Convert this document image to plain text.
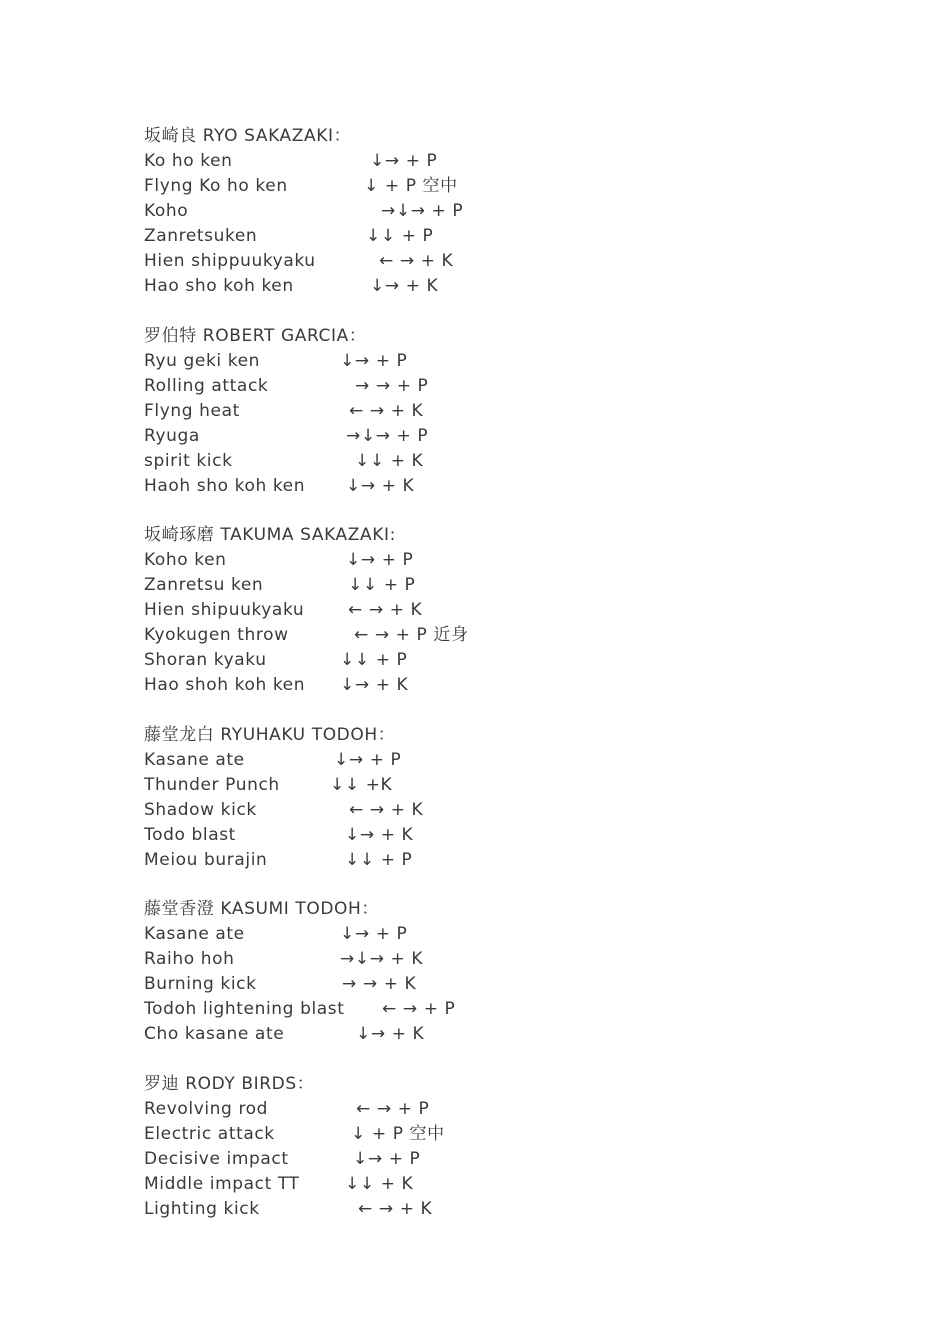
坂崎良 RYO SAKAZAKI：
Ko ho ken	↓→ + P
Flyng Ko ho ken	↓ + P 空中
Koho	→↓→ + P
Zanretsuken	↓↓ + P
Hien shippuukyaku	← → + K
Hao sho koh ken	↓→ + K
罗伯特 ROBERT GARCIA：
Ryu geki ken	↓→ + P
Rolling attack	→ → + P
Flyng heat	← → + K
Ryuga	→↓→ + P
spirit kick	↓↓ + K
Haoh sho koh ken ↓→ + K
坂崎琢磨 TAKUMA SAKAZAKI:
Koho ken	↓→ + P
Zanretsu ken	↓↓ + P
Hien shipuukyaku	← → + K
Kyokugen throw	← → + P 近身
Shoran kyaku	↓↓ + P
Hao shoh koh ken ↓→ + K
藤堂龙白 RYUHAKU TODOH：
Kasane ate	↓→ + P
Thunder Punch	↓↓ +K
Shadow kick	← → + K
Todo blast	↓→ + K
Meiou burajin	↓↓ + P
藤堂香澄 KASUMI TODOH：
Kasane ate	↓→ + P
Raiho hoh	→↓→ + K
Burning kick	→ → + K
Todoh lightening blast ← → + P
Cho kasane ate	↓→ + K
罗迪 RODY BIRDS：
Revolving rod	← → + P
Electric attack	↓ + P 空中
Decisive impact	↓→ + P
Middle impact TT	↓↓ + K
Lighting kick	← → + K
